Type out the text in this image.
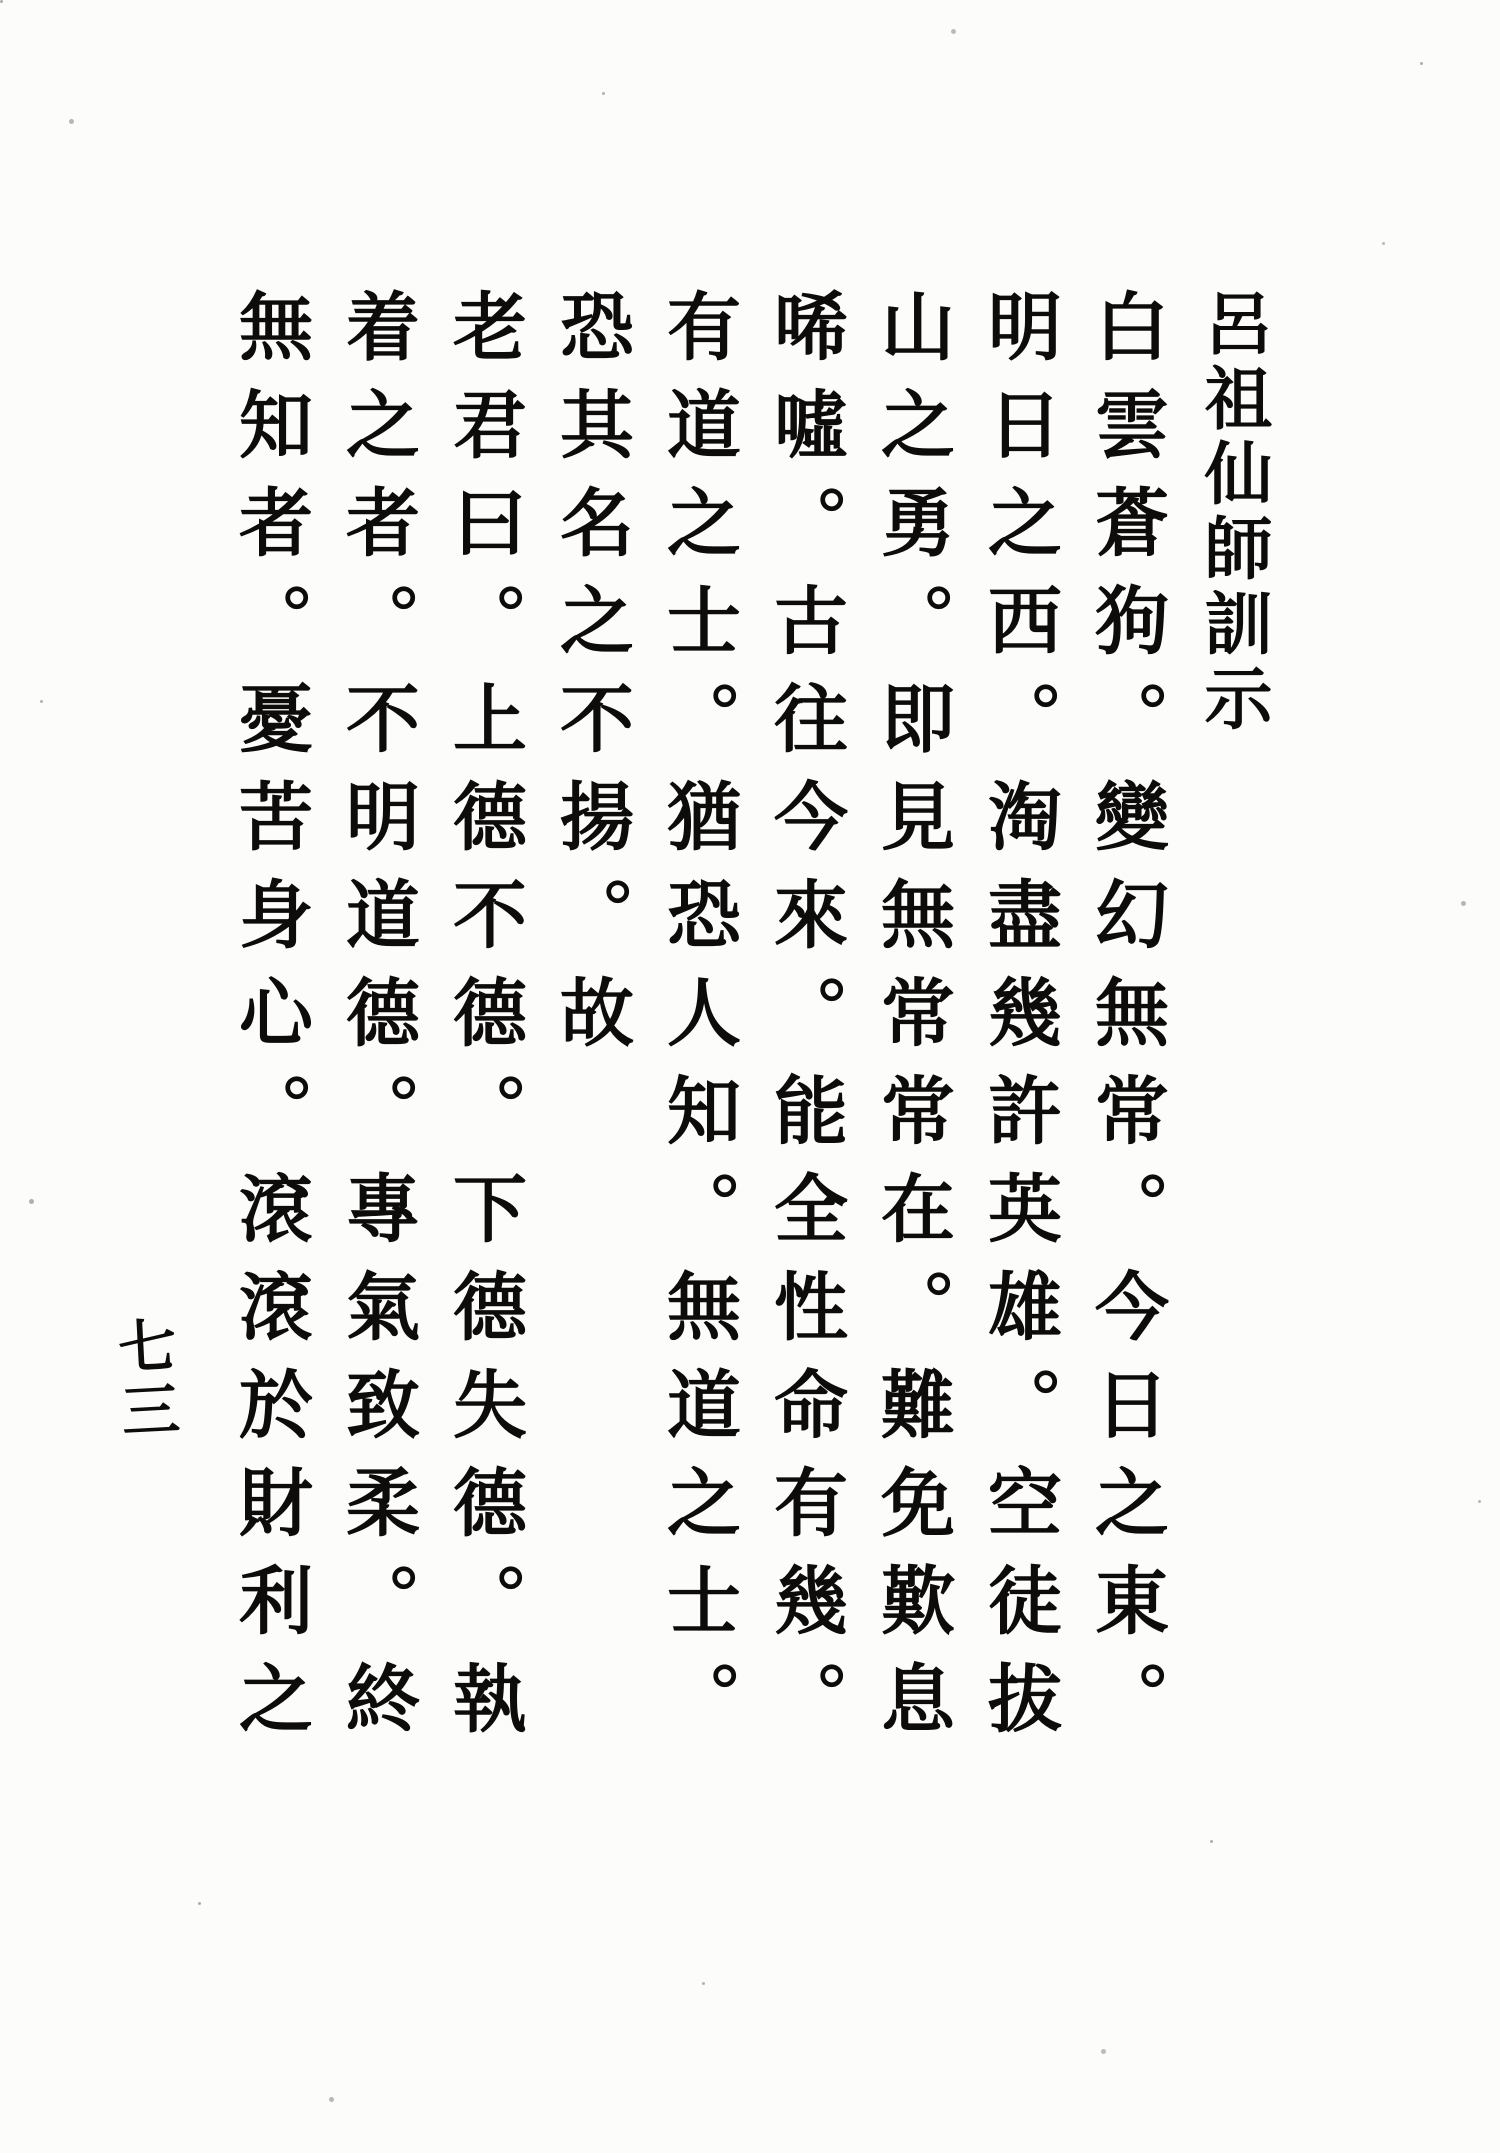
呂祖仙師訓示
白雲蒼狗。變幻無常。今日之東。
明日之西。淘盡幾許英雄。空徒拔
山之勇。即見無常常在。難免歎息
唏噓。古往今來。能全性命有幾。
有道之士。猶恐人知。無道之士。
恐其名之不揚。故
老君曰。上德不德。下德失德。執
着之者。不明道德。專氣致柔。終
無知者。憂苦身心。滾滾於財利之
七三
